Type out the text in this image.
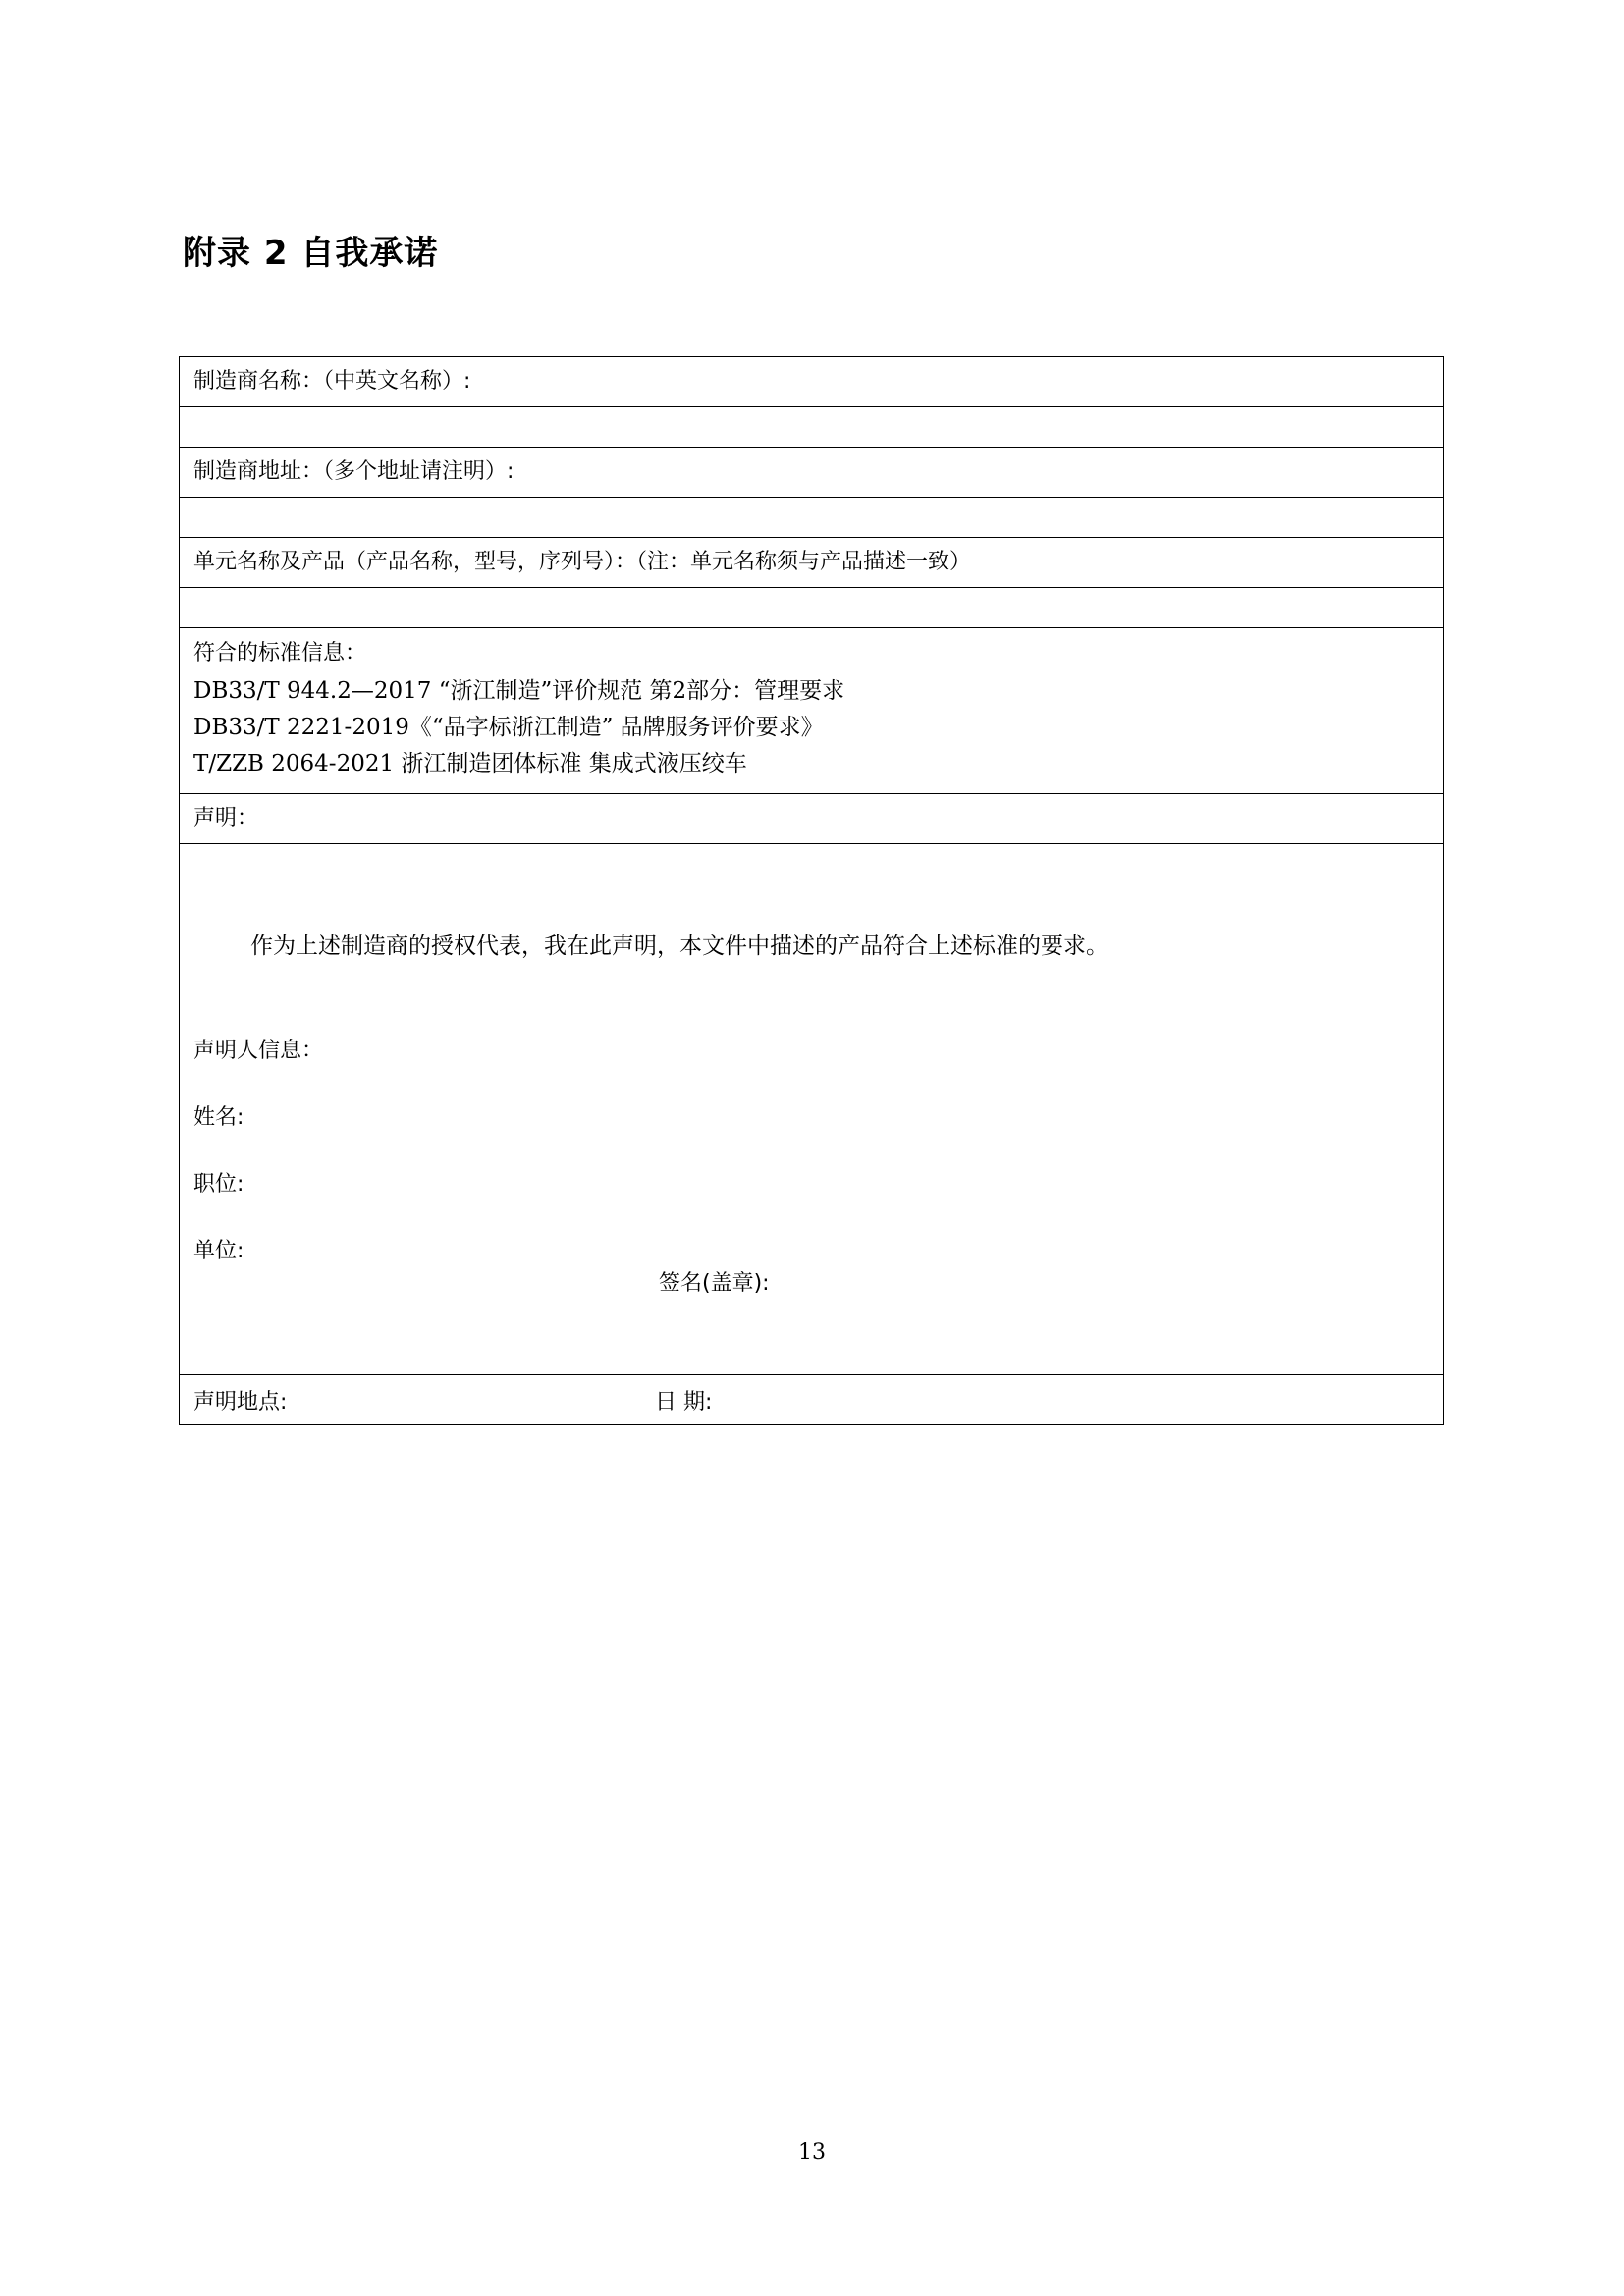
附录 2 自我承诺
制造商名称：（中英文名称）:

制造商地址：（多个地址请注明）:

单元名称及产品（产品名称，型号，序列号）：（注：单元名称须与产品描述一致）

符合的标准信息：
DB33/T 944.2—2017 “浙江制造”评价规范 第2部分：管理要求
DB33/T 2221-2019《“品字标浙江制造” 品牌服务评价要求》
T/ZZB 2064-2021 浙江制造团体标准 集成式液压绞车

声明：

作为上述制造商的授权代表，我在此声明，本文件中描述的产品符合上述标准的要求。
声明人信息：
姓名:
职位:
单位:
签名(盖章):

声明地点:	日 期:
13
